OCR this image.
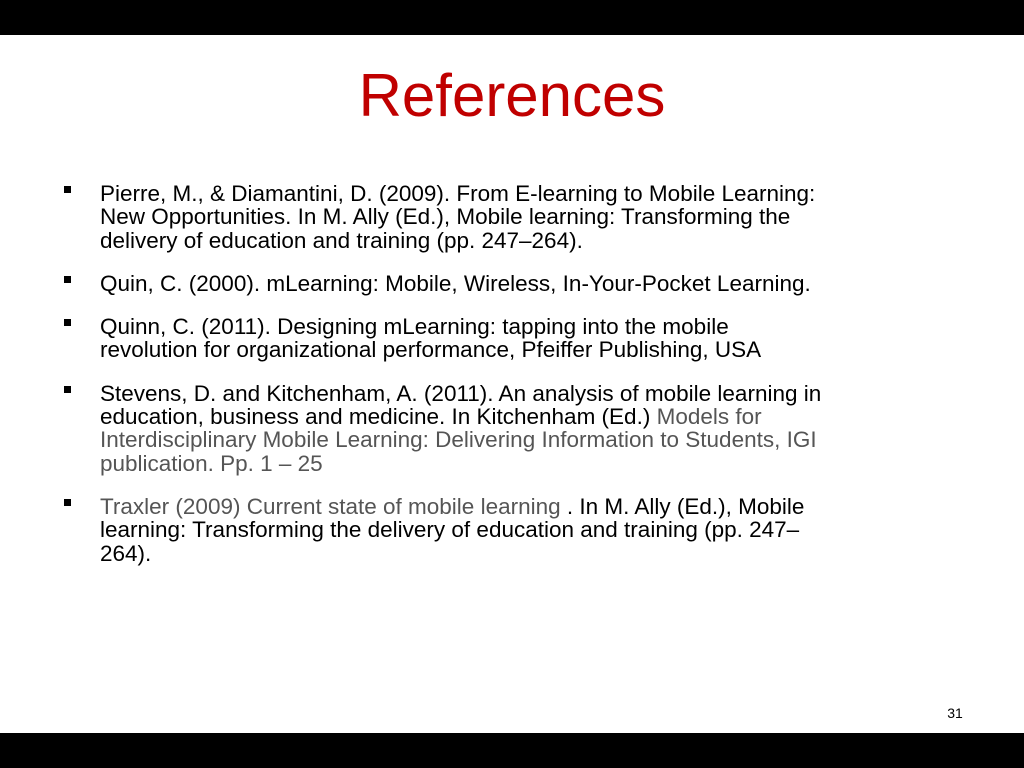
References
Pierre, M., & Diamantini, D. (2009). From E-learning to Mobile Learning: New Opportunities. In M. Ally (Ed.), Mobile learning: Transforming the delivery of education and training (pp. 247–264).
Quin, C. (2000). mLearning: Mobile, Wireless, In-Your-Pocket Learning.
Quinn, C. (2011). Designing mLearning: tapping into the mobile revolution for organizational performance, Pfeiffer Publishing, USA
Stevens, D. and Kitchenham, A. (2011). An analysis of mobile learning in education, business and medicine. In Kitchenham (Ed.) Models for Interdisciplinary Mobile Learning: Delivering Information to Students, IGI publication. Pp. 1 – 25
Traxler (2009) Current state of mobile learning . In M. Ally (Ed.), Mobile learning: Transforming the delivery of education and training (pp. 247–264).
31
